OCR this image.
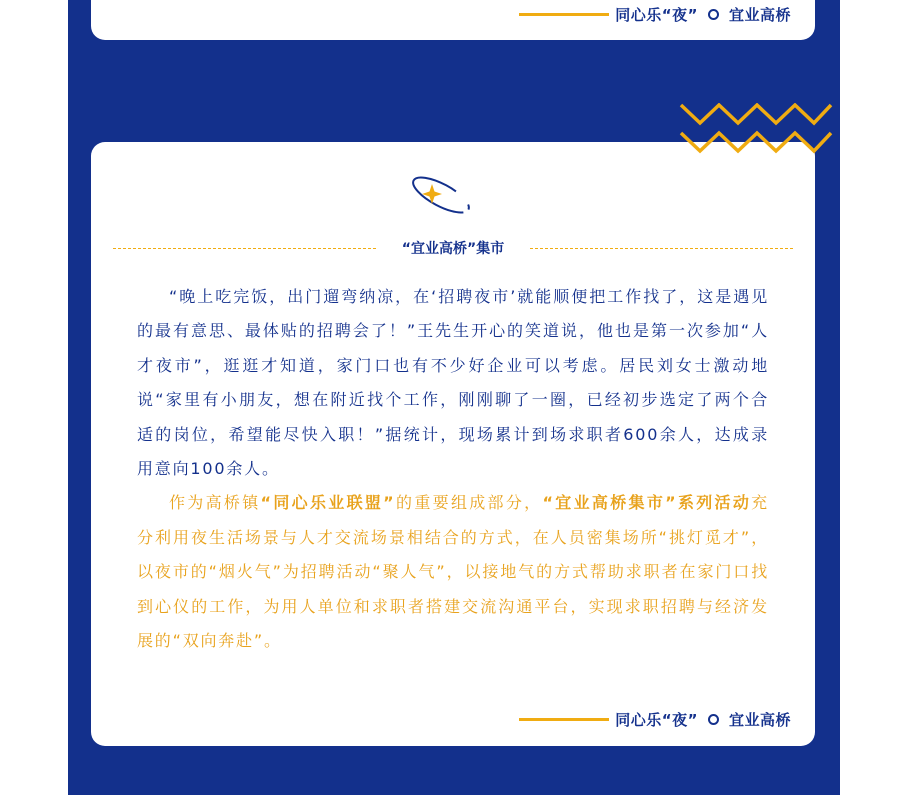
同心乐“夜” 宜业高桥
“宜业高桥”集市

“晚上吃完饭，出门遛弯纳凉，在‘招聘夜市’就能顺便把工作找了，这是遇见的最有意思、最体贴的招聘会了！”王先生开心的笑道说，他也是第一次参加“人才夜市”，逛逛才知道，家门口也有不少好企业可以考虑。居民刘女士激动地说“家里有小朋友，想在附近找个工作，刚刚聊了一圈，已经初步选定了两个合适的岗位，希望能尽快入职！”据统计，现场累计到场求职者600余人，达成录用意向100余人。

作为高桥镇“同心乐业联盟”的重要组成部分，“宜业高桥集市”系列活动充分利用夜生活场景与人才交流场景相结合的方式，在人员密集场所“挑灯觅才”，以夜市的“烟火气”为招聘活动“聚人气”，以接地气的方式帮助求职者在家门口找到心仪的工作，为用人单位和求职者搭建交流沟通平台，实现求职招聘与经济发展的“双向奔赴”。

同心乐“夜” 宜业高桥
